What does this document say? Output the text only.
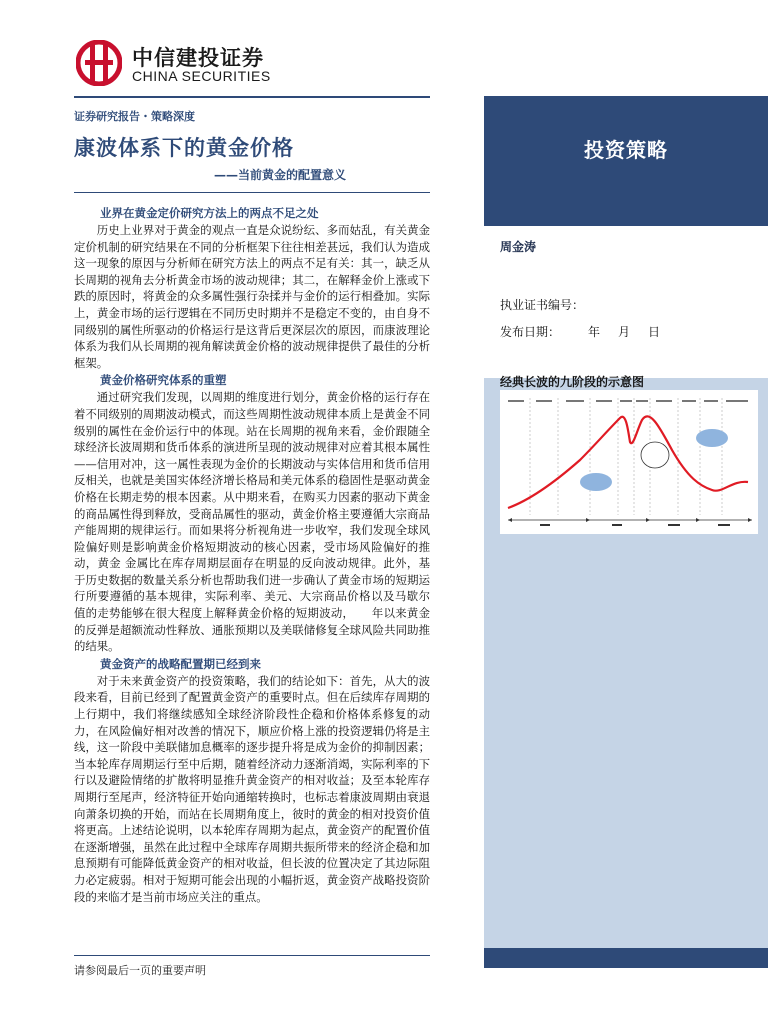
中信建投证券
CHINA SECURITIES
投资策略
周金涛
执业证书编号：
发布日期： 年 月 日
经典长波的九阶段的示意图
证券研究报告・策略深度
康波体系下的黄金价格
——当前黄金的配置意义
业界在黄金定价研究方法上的两点不足之处
历史上业界对于黄金的观点一直是众说纷纭、多而姑乱，有关黄金定价机制的研究结果在不同的分析框架下往往相差甚远，我们认为造成这一现象的原因与分析师在研究方法上的两点不足有关：其一，缺乏从长周期的视角去分析黄金市场的波动规律；其二，在解释金价上涨或下跌的原因时，将黄金的众多属性强行杂揉并与金价的运行相叠加。实际上，黄金市场的运行逻辑在不同历史时期并不是稳定不变的，由自身不同级别的属性所驱动的价格运行是这背后更深层次的原因，而康波理论体系为我们从长周期的视角解读黄金价格的波动规律提供了最佳的分析框架。
黄金价格研究体系的重塑
通过研究我们发现，以周期的维度进行划分，黄金价格的运行存在着不同级别的周期波动模式，而这些周期性波动规律本质上是黄金不同级别的属性在金价运行中的体现。站在长周期的视角来看，金价跟随全球经济长波周期和货币体系的演进所呈现的波动规律对应着其根本属性——信用对冲，这一属性表现为金价的长期波动与实体信用和货币信用反相关，也就是美国实体经济增长格局和美元体系的稳固性是驱动黄金价格在长期走势的根本因素。从中期来看，在购买力因素的驱动下黄金的商品属性得到释放，受商品属性的驱动，黄金价格主要遵循大宗商品产能周期的规律运行。而如果将分析视角进一步收窄，我们发现全球风险偏好则是影响黄金价格短期波动的核心因素，受市场风险偏好的推动，黄金 金属比在库存周期层面存在明显的反向波动规律。此外，基于历史数据的数量关系分析也帮助我们进一步确认了黄金市场的短期运行所要遵循的基本规律，实际利率、美元、大宗商品价格以及马歇尔　　值的走势能够在很大程度上解释黄金价格的短期波动，　　年以来黄金的反弹是超额流动性释放、通胀预期以及美联储修复全球风险共同助推的结果。
黄金资产的战略配置期已经到来
对于未来黄金资产的投资策略，我们的结论如下：首先，从大的波段来看，目前已经到了配置黄金资产的重要时点。但在后续库存周期的上行期中，我们将继续感知全球经济阶段性企稳和价格体系修复的动力，在风险偏好相对改善的情况下，顺应价格上涨的投资逻辑仍将是主线，这一阶段中美联储加息概率的逐步提升将是成为金价的抑制因素；当本轮库存周期运行至中后期，随着经济动力逐渐消竭，实际利率的下行以及避险情绪的扩散将明显推升黄金资产的相对收益；及至本轮库存周期行至尾声，经济特征开始向通缩转换时，也标志着康波周期由衰退向萧条切换的开始，而站在长周期角度上，彼时的黄金的相对投资价值将更高。上述结论说明，以本轮库存周期为起点，黄金资产的配置价值在逐渐增强，虽然在此过程中全球库存周期共振所带来的经济企稳和加息预期有可能降低黄金资产的相对收益，但长波的位置决定了其边际阻力必定疲弱。相对于短期可能会出现的小幅折返，黄金资产战略投资阶段的来临才是当前市场应关注的重点。
请参阅最后一页的重要声明
